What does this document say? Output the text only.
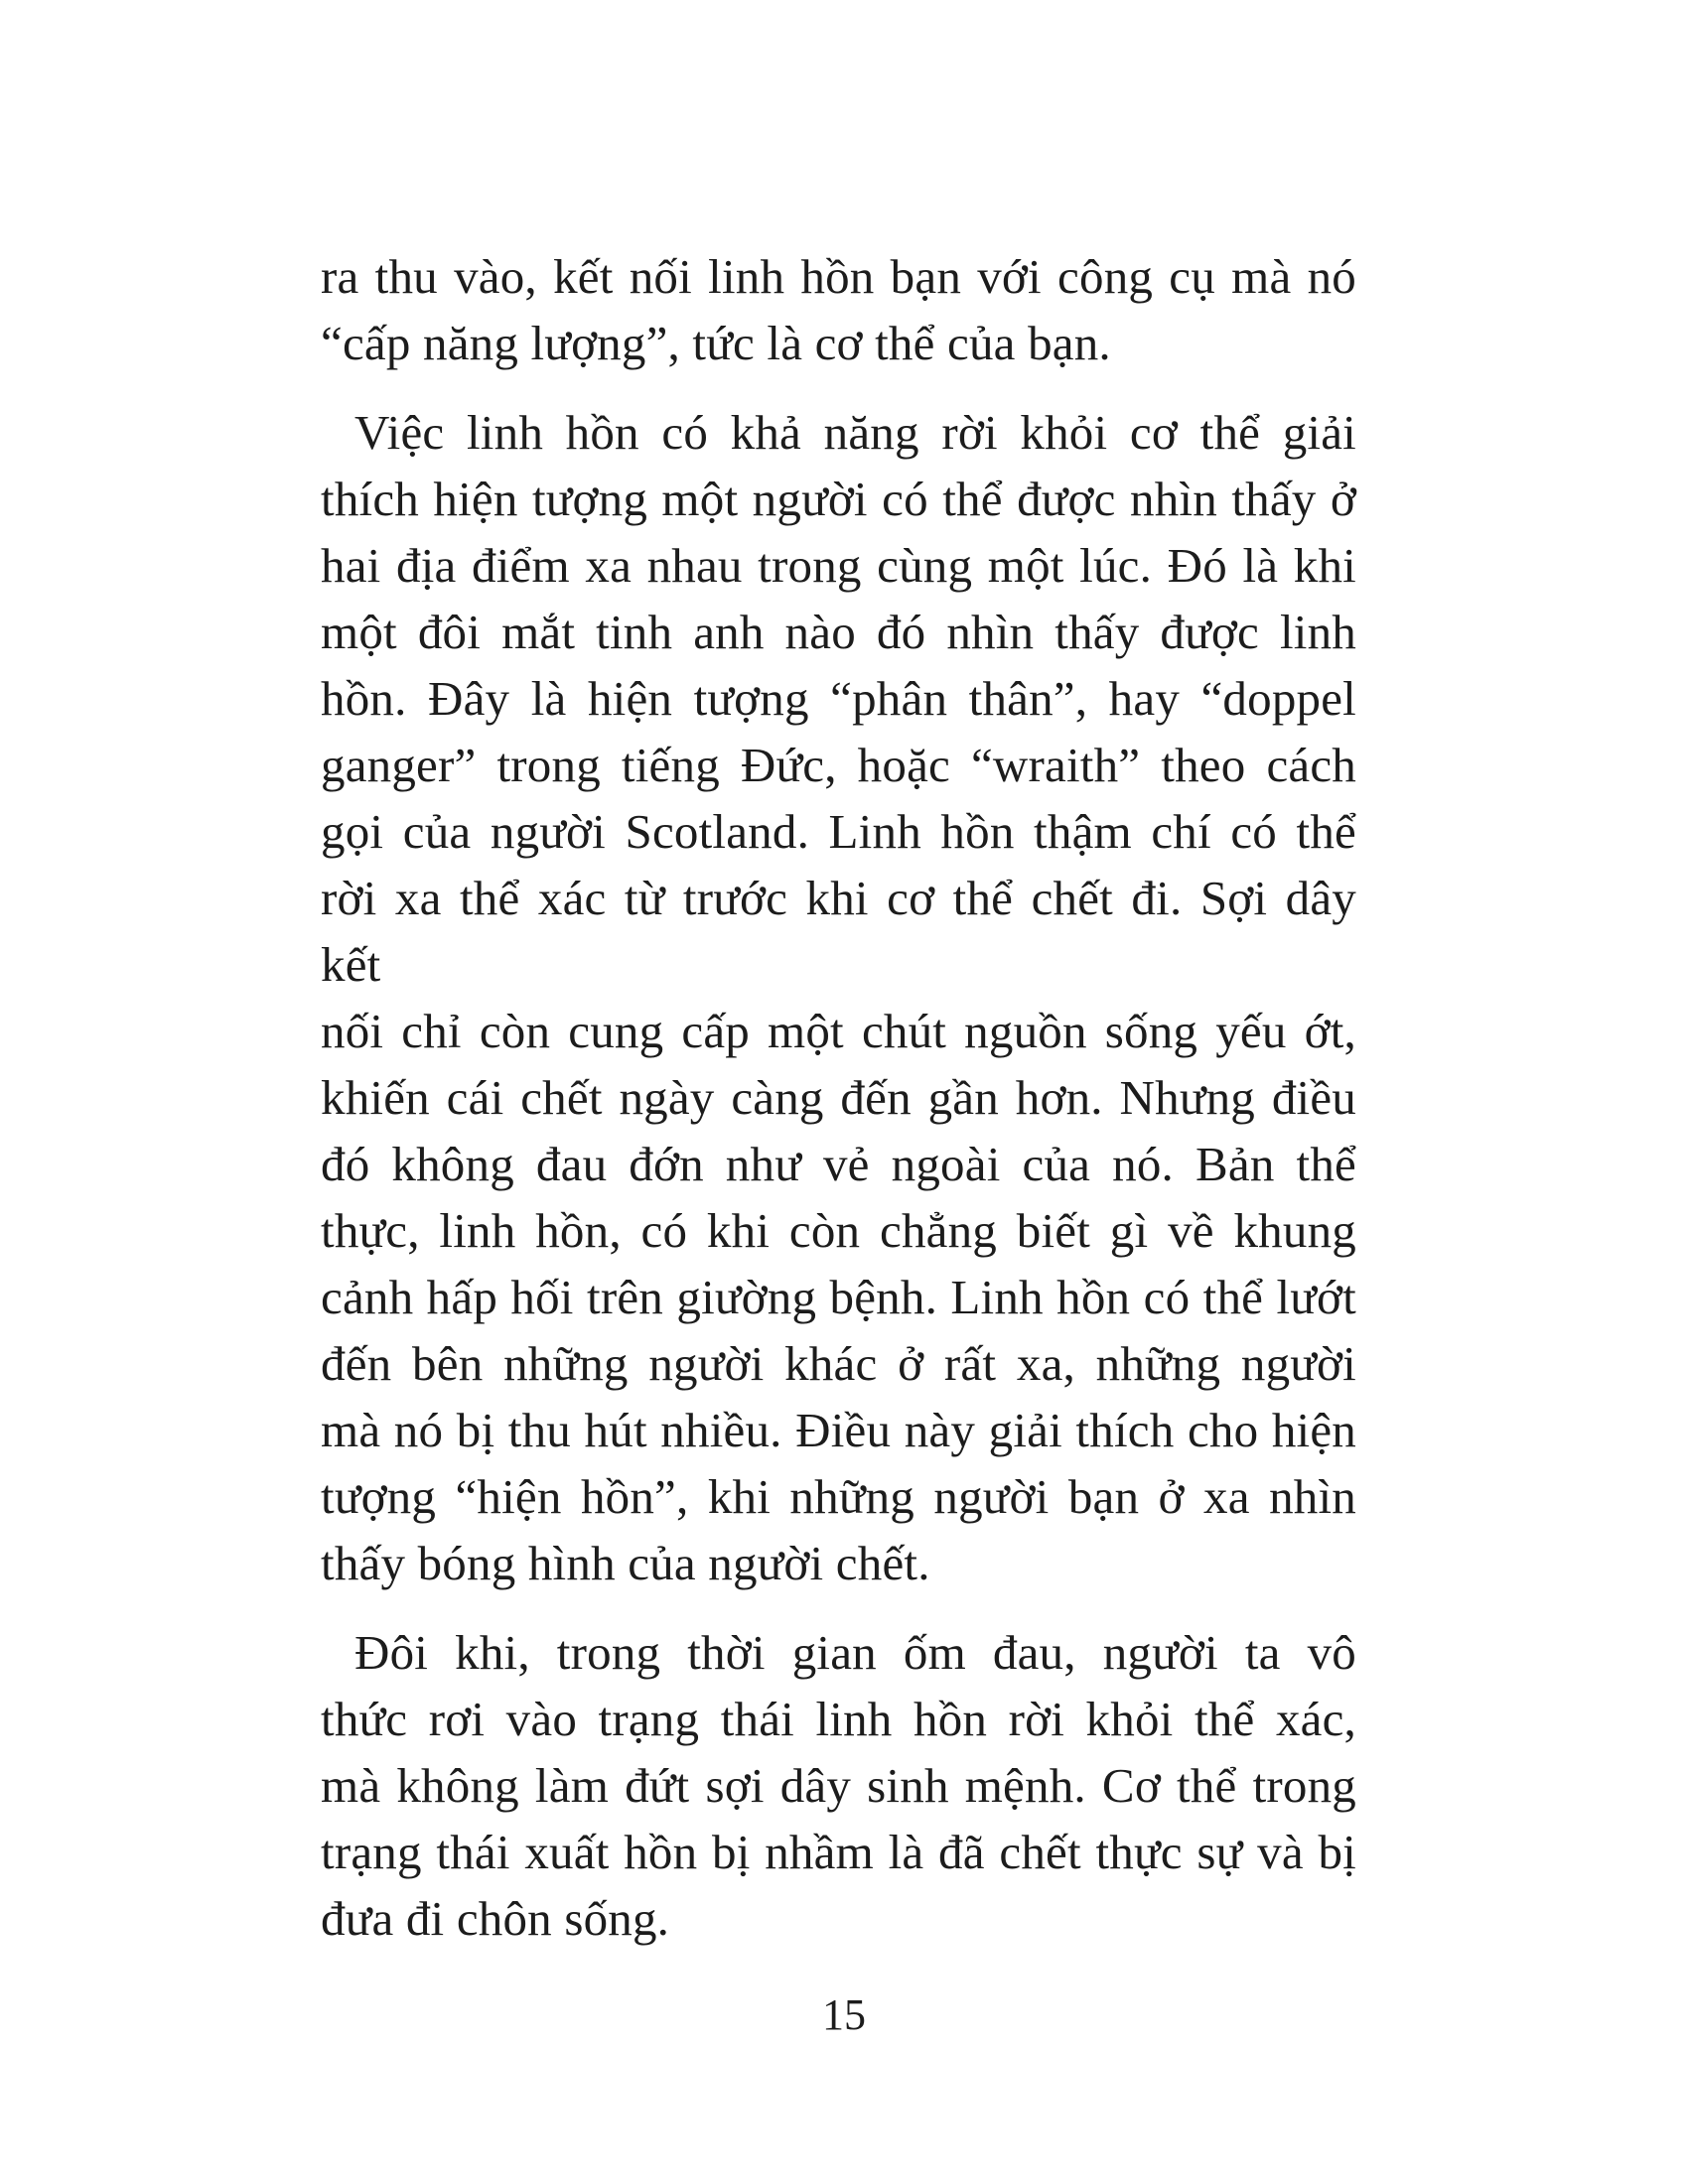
ra thu vào, kết nối linh hồn bạn với công cụ mà nó
“cấp năng lượng”, tức là cơ thể của bạn.
Việc linh hồn có khả năng rời khỏi cơ thể giải
thích hiện tượng một người có thể được nhìn thấy ở
hai địa điểm xa nhau trong cùng một lúc. Đó là khi
một đôi mắt tinh anh nào đó nhìn thấy được linh
hồn. Đây là hiện tượng “phân thân”, hay “doppel
ganger” trong tiếng Đức, hoặc “wraith” theo cách
gọi của người Scotland. Linh hồn thậm chí có thể
rời xa thể xác từ trước khi cơ thể chết đi. Sợi dây kết
nối chỉ còn cung cấp một chút nguồn sống yếu ớt,
khiến cái chết ngày càng đến gần hơn. Nhưng điều
đó không đau đớn như vẻ ngoài của nó. Bản thể
thực, linh hồn, có khi còn chẳng biết gì về khung
cảnh hấp hối trên giường bệnh. Linh hồn có thể lướt
đến bên những người khác ở rất xa, những người
mà nó bị thu hút nhiều. Điều này giải thích cho hiện
tượng “hiện hồn”, khi những người bạn ở xa nhìn
thấy bóng hình của người chết.
Đôi khi, trong thời gian ốm đau, người ta vô
thức rơi vào trạng thái linh hồn rời khỏi thể xác,
mà không làm đứt sợi dây sinh mệnh. Cơ thể trong
trạng thái xuất hồn bị nhầm là đã chết thực sự và bị
đưa đi chôn sống.
15
